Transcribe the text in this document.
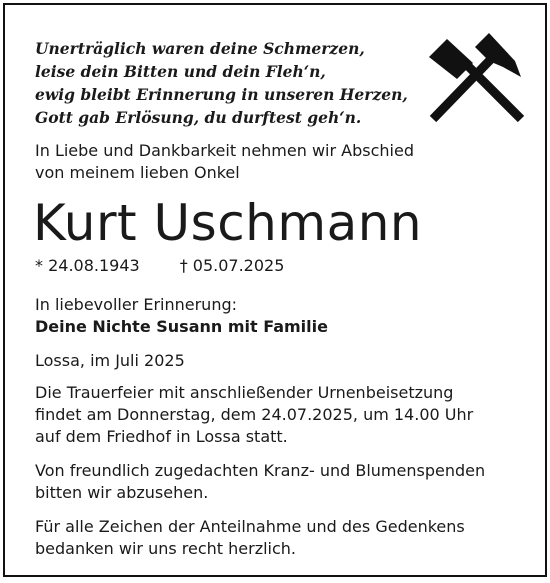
Unerträglich waren deine Schmerzen,
leise dein Bitten und dein Fleh‘n,
ewig bleibt Erinnerung in unseren Herzen,
Gott gab Erlösung, du durftest geh‘n.
In Liebe und Dankbarkeit nehmen wir Abschied
von meinem lieben Onkel
Kurt Uschmann
* 24.08.1943	† 05.07.2025
In liebevoller Erinnerung:
Deine Nichte Susann mit Familie
Lossa, im Juli 2025
Die Trauerfeier mit anschließender Urnenbeisetzung
findet am Donnerstag, dem 24.07.2025, um 14.00 Uhr
auf dem Friedhof in Lossa statt.
Von freundlich zugedachten Kranz- und Blumenspenden
bitten wir abzusehen.
Für alle Zeichen der Anteilnahme und des Gedenkens
bedanken wir uns recht herzlich.
